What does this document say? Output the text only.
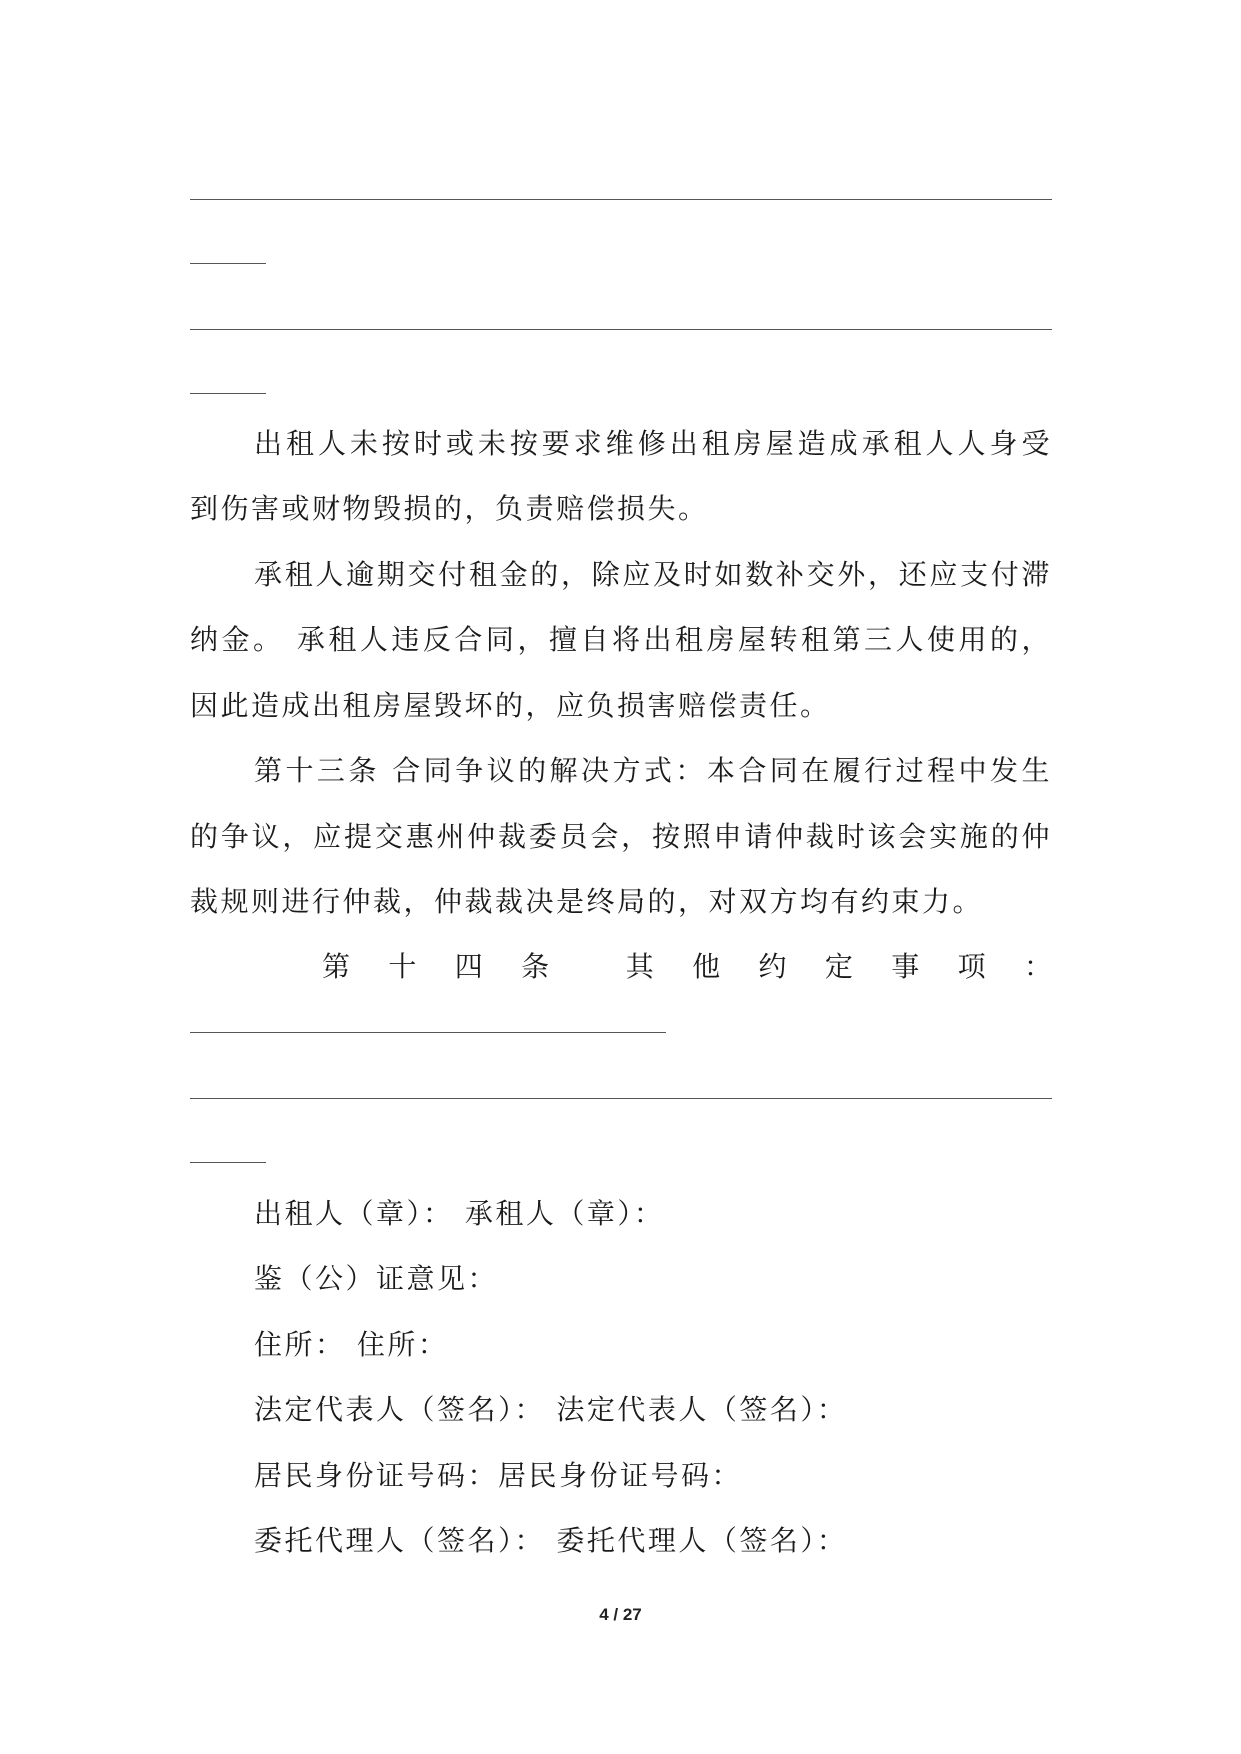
出租人未按时或未按要求维修出租房屋造成承租人人身受
到伤害或财物毁损的，负责赔偿损失。
承租人逾期交付租金的，除应及时如数补交外，还应支付滞
纳金。 承租人违反合同，擅自将出租房屋转租第三人使用的，
因此造成出租房屋毁坏的，应负损害赔偿责任。
第十三条 合同争议的解决方式：本合同在履行过程中发生
的争议，应提交惠州仲裁委员会，按照申请仲裁时该会实施的仲
裁规则进行仲裁，仲裁裁决是终局的，对双方均有约束力。
第 十 四 条	其 他 约 定 事 项 ：
出租人（章）： 承租人（章）：
鉴（公）证意见：
住所： 住所：
法定代表人（签名）： 法定代表人（签名）：
居民身份证号码：居民身份证号码：
委托代理人（签名）： 委托代理人（签名）：
4 / 27
